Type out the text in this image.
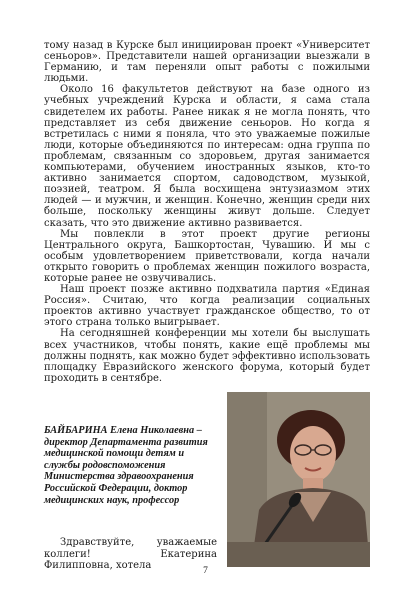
тому назад в Курске был инициирован проект «Университет сеньоров». Представители нашей организации выезжали в Германию, и там переняли опыт работы с пожилыми людьми.

Около 16 факультетов действуют на базе одного из учебных учреждений Курска и области, я сама стала свидетелем их работы. Ранее никак я не могла понять, что представляет из себя движение сеньоров. Но когда я встретилась с ними я поняла, что это уважаемые пожилые люди, которые объединяются по интересам: одна группа по проблемам, связанным со здоровьем, другая занимается компьютерами, обучением иностранных языков, кто-то активно занимается спортом, садоводством, музыкой, поэзией, театром. Я была восхищена энтузиазмом этих людей — и мужчин, и женщин. Конечно, женщин среди них больше, поскольку женщины живут дольше. Следует сказать, что это движение активно развивается.

Мы повлекли в этот проект другие регионы Центрального округа, Башкортостан, Чувашию. И мы с особым удовлетворением приветствовали, когда начали открыто говорить о проблемах женщин пожилого возраста, которые ранее не озвучивались.

Наш проект позже активно подхватила партия «Единая Россия». Считаю, что когда реализации социальных проектов активно участвует гражданское общество, то от этого страна только выигрывает.

На сегодняшней конференции мы хотели бы выслушать всех участников, чтобы понять, какие ещё проблемы мы должны поднять, как можно будет эффективно использовать площадку Евразийского женского форума, который будет проходить в сентябре.

БАЙБАРИНА Елена Николаевна – директор Департамента развития медицинской помощи детям и службы родовспоможения Министерства здравоохранения Российской Федерации, доктор медицинских наук, профессор

Здравствуйте, уважаемые коллеги! Екатерина Филипповна, хотела	7
